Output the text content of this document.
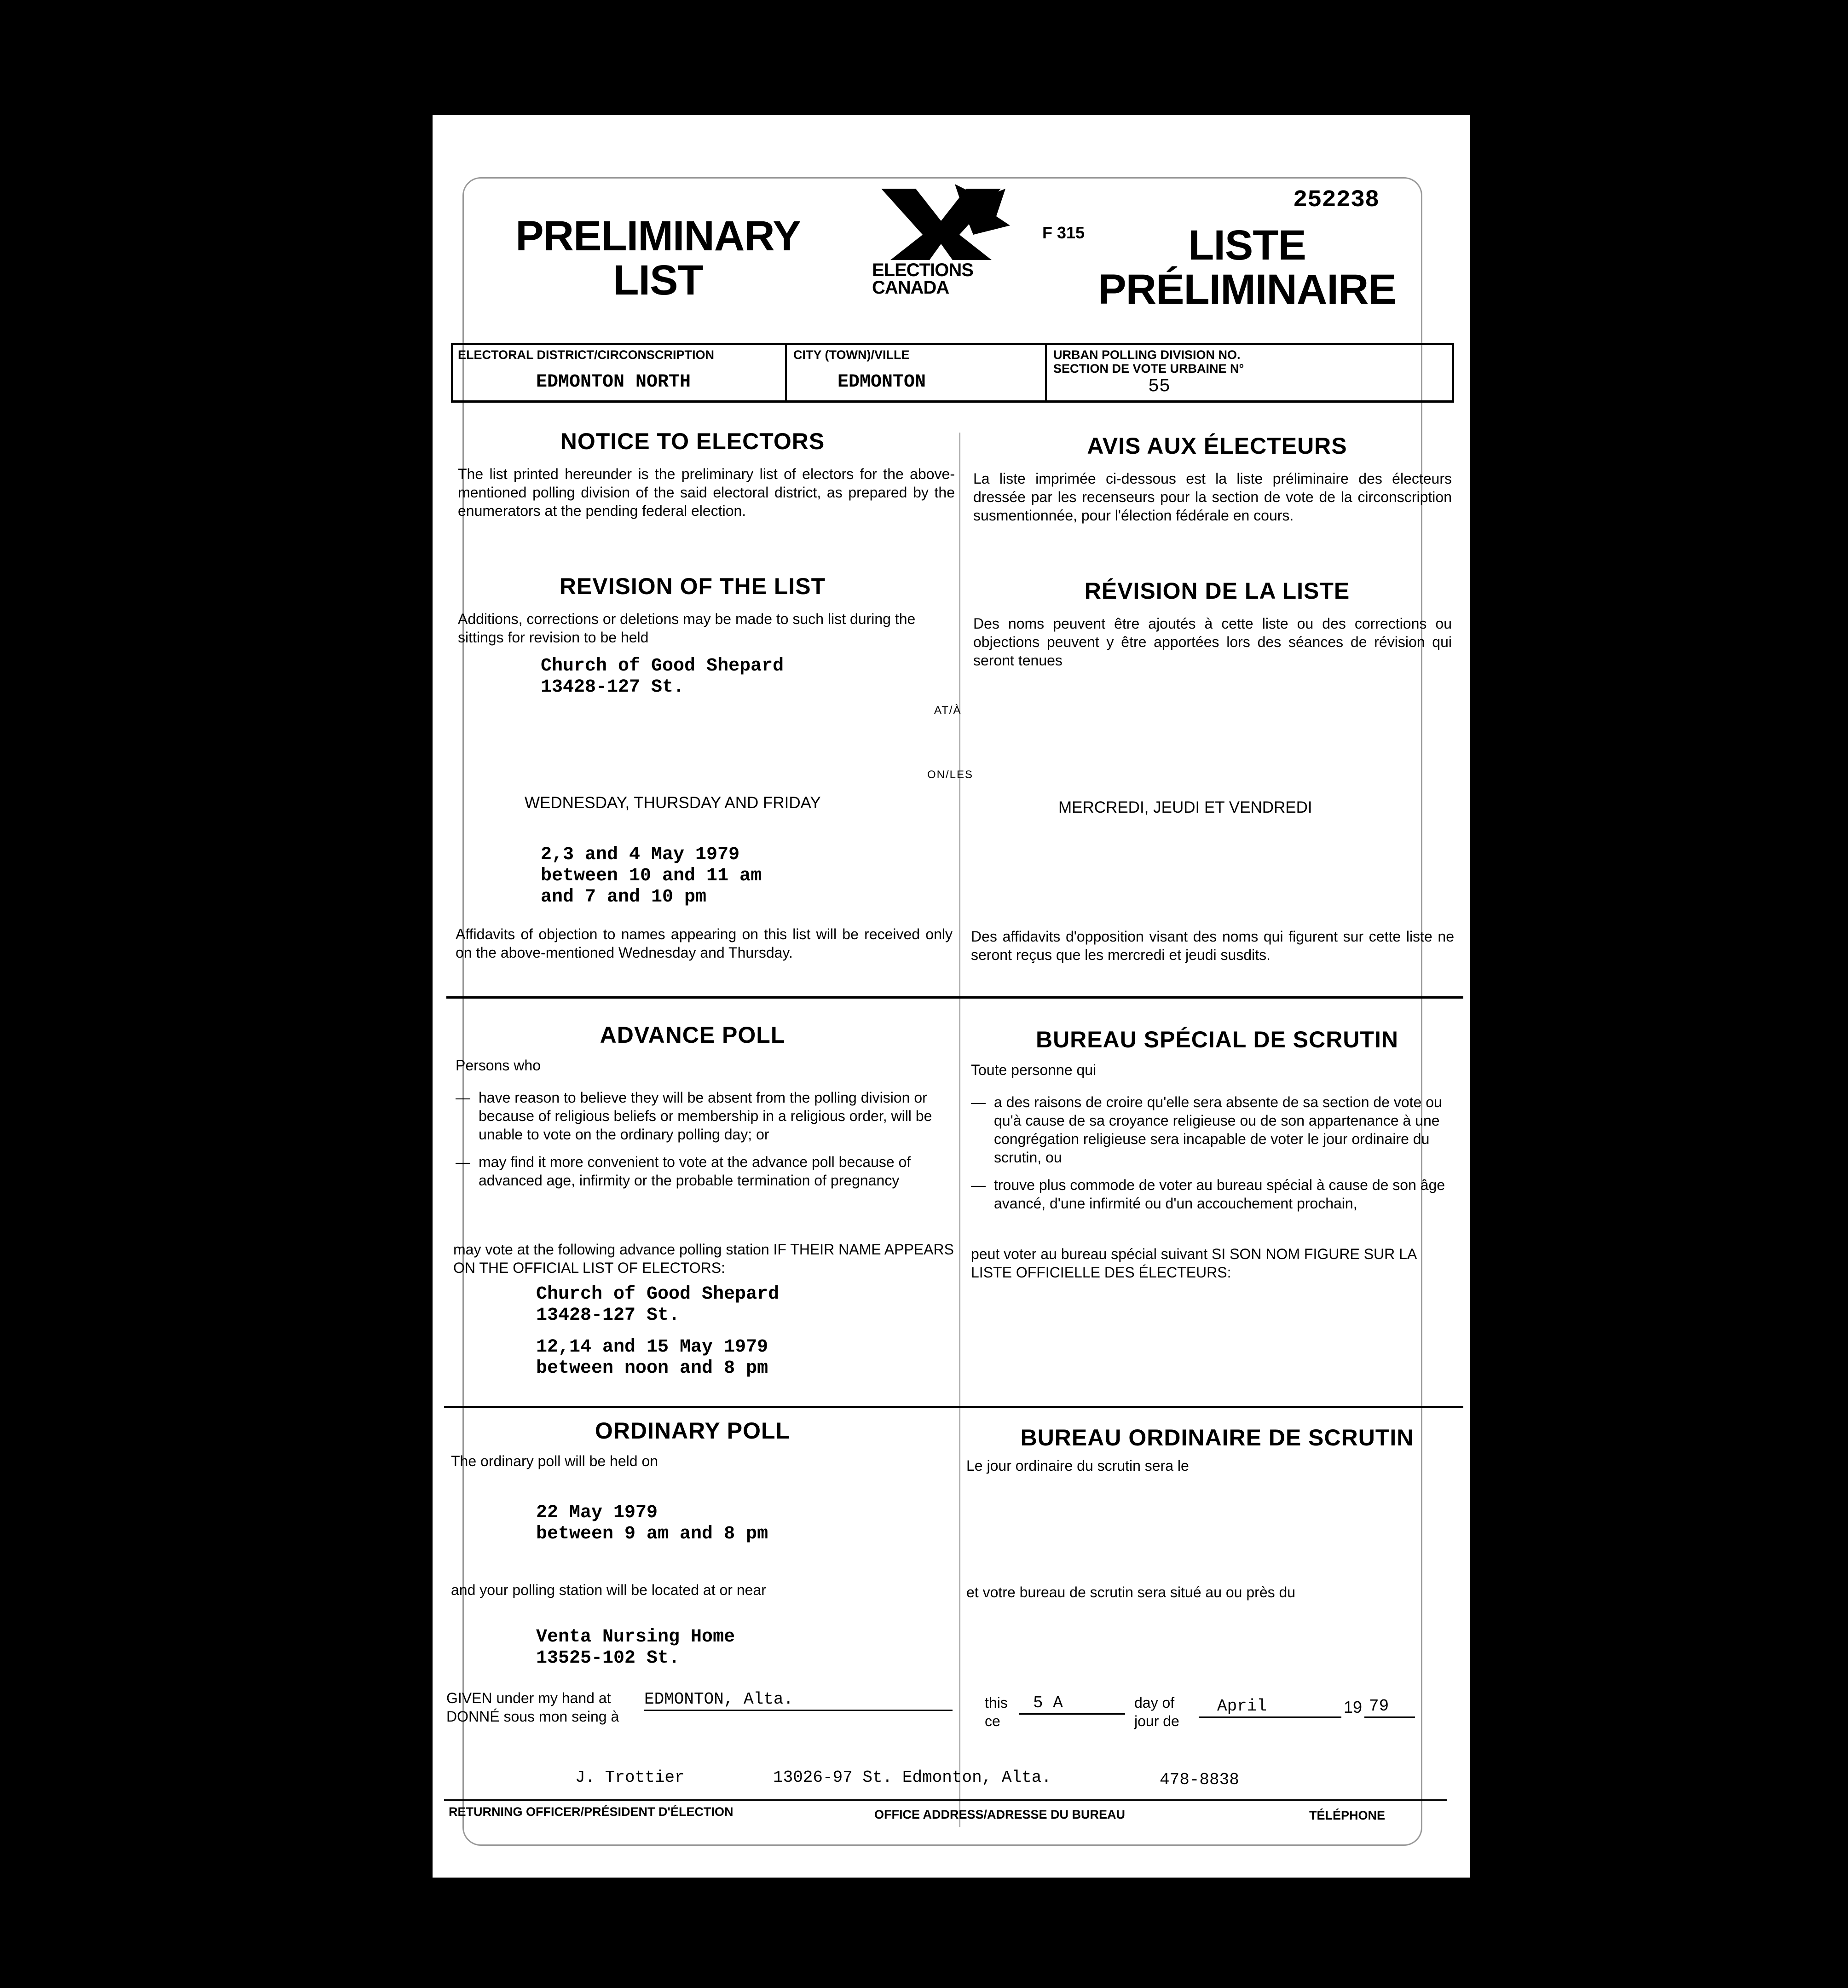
PRELIMINARY
LIST	ELECTIONS
CANADA
F 315
252238
LISTE
PRÉLIMINAIRE
ELECTORAL DISTRICT/CIRCONSCRIPTION
EDMONTON NORTH
CITY (TOWN)/VILLE
EDMONTON
URBAN POLLING DIVISION NO.
SECTION DE VOTE URBAINE N°
55
NOTICE TO ELECTORS
The list printed hereunder is the preliminary list of electors for the above-mentioned polling division of the said electoral district, as prepared by the enumerators at the pending federal election.
AVIS AUX ÉLECTEURS
La liste imprimée ci-dessous est la liste préliminaire des électeurs dressée par les recenseurs pour la section de vote de la circonscription susmentionnée, pour l'élection fédérale en cours.
REVISION OF THE LIST
Additions, corrections or deletions may be made to such list during the sittings for revision to be held
RÉVISION DE LA LISTE
Des noms peuvent être ajoutés à cette liste ou des corrections ou objections peuvent y être apportées lors des séances de révision qui seront tenues
Church of Good Shepard
13428-127 St.
AT/À
ON/LES
WEDNESDAY, THURSDAY AND FRIDAY	MERCREDI, JEUDI ET VENDREDI
2,3 and 4 May 1979
between 10 and 11 am
and 7 and 10 pm
Affidavits of objection to names appearing on this list will be received only on the above-mentioned Wednesday and Thursday.
Des affidavits d'opposition visant des noms qui figurent sur cette liste ne seront reçus que les mercredi et jeudi susdits.
ADVANCE POLL
Persons who
— have reason to believe they will be absent from the polling division or because of religious beliefs or membership in a religious order, will be unable to vote on the ordinary polling day; or
— may find it more convenient to vote at the advance poll because of advanced age, infirmity or the probable termination of pregnancy
may vote at the following advance polling station IF THEIR NAME APPEARS ON THE OFFICIAL LIST OF ELECTORS:
BUREAU SPÉCIAL DE SCRUTIN
Toute personne qui
— a des raisons de croire qu'elle sera absente de sa section de vote ou qu'à cause de sa croyance religieuse ou de son appartenance à une congrégation religieuse sera incapable de voter le jour ordinaire du scrutin, ou
— trouve plus commode de voter au bureau spécial à cause de son âge avancé, d'une infirmité ou d'un accouchement prochain,
peut voter au bureau spécial suivant SI SON NOM FIGURE SUR LA LISTE OFFICIELLE DES ÉLECTEURS:
Church of Good Shepard
13428-127 St.
12,14 and 15 May 1979
between noon and 8 pm
ORDINARY POLL
The ordinary poll will be held on
BUREAU ORDINAIRE DE SCRUTIN
Le jour ordinaire du scrutin sera le
22 May 1979
between 9 am and 8 pm
and your polling station will be located at or near	et votre bureau de scrutin sera situé au ou près du
Venta Nursing Home
13525-102 St.
GIVEN under my hand at
DONNÉ sous mon seing à
EDMONTON, Alta.	this
ce
5 A	day of
jour de
April	19 79
J. Trottier	13026-97 St. Edmonton, Alta.	478-8838
RETURNING OFFICER/PRÉSIDENT D'ÉLECTION	OFFICE ADDRESS/ADRESSE DU BUREAU	TÉLÉPHONE
